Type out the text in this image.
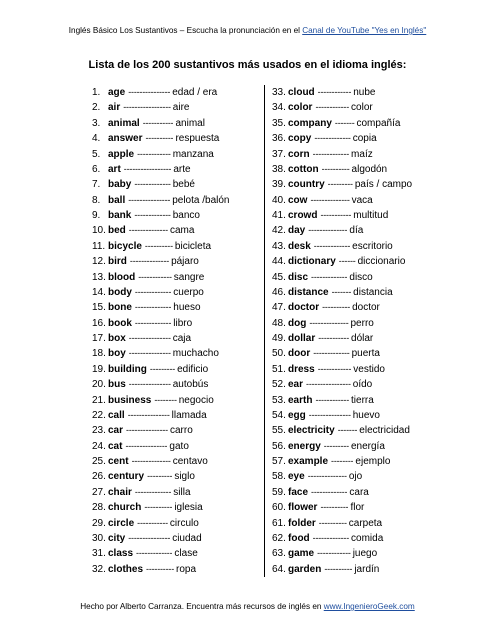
Inglés Básico Los Sustantivos – Escucha la pronunciación en el Canal de YouTube "Yes en Inglés"
Lista de los 200 sustantivos más usados en el idioma inglés:
1. age --------------- edad / era
2. air ----------------- aire
3. animal ----------- animal
4. answer ---------- respuesta
5. apple ------------ manzana
6. art ----------------- arte
7. baby ------------- bebé
8. ball --------------- pelota /balón
9. bank ------------- banco
10. bed -------------- cama
11. bicycle ---------- bicicleta
12. bird -------------- pájaro
13. blood ------------ sangre
14. body ------------- cuerpo
15. bone ------------- hueso
16. book ------------- libro
17. box --------------- caja
18. boy --------------- muchacho
19. building --------- edificio
20. bus --------------- autobús
21. business -------- negocio
22. call --------------- llamada
23. car --------------- carro
24. cat --------------- gato
25. cent -------------- centavo
26. century --------- siglo
27. chair ------------- silla
28. church ---------- iglesia
29. circle ----------- circulo
30. city --------------- ciudad
31. class ------------- clase
32. clothes ---------- ropa
33. cloud ------------ nube
34. color ------------ color
35. company ------- compañía
36. copy ------------- copia
37. corn ------------- maíz
38. cotton ---------- algodón
39. country --------- país / campo
40. cow -------------- vaca
41. crowd ----------- multitud
42. day -------------- día
43. desk ------------- escritorio
44. dictionary ------ diccionario
45. disc ------------- disco
46. distance ------- distancia
47. doctor ---------- doctor
48. dog -------------- perro
49. dollar ----------- dólar
50. door ------------- puerta
51. dress ------------ vestido
52. ear ---------------- oído
53. earth ------------ tierra
54. egg --------------- huevo
55. electricity ------- electricidad
56. energy --------- energía
57. example -------- ejemplo
58. eye -------------- ojo
59. face ------------- cara
60. flower ---------- flor
61. folder ---------- carpeta
62. food ------------- comida
63. game ------------ juego
64. garden ---------- jardín
Hecho por Alberto Carranza. Encuentra más recursos de inglés en www.IngenieroGeek.com
